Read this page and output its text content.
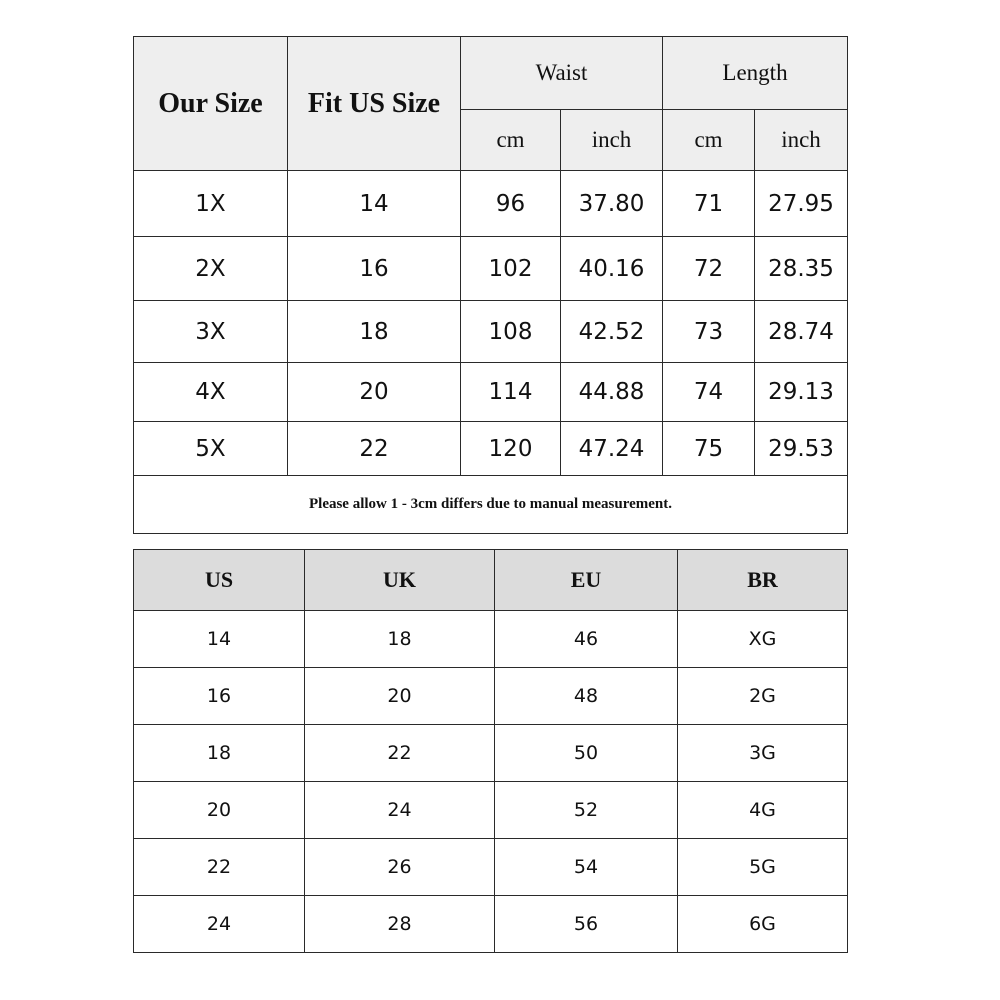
Our Size	Fit US Size	Waist		Length	
		cm	inch	cm	inch
1X	14	96	37.80	71	27.95
2X	16	102	40.16	72	28.35
3X	18	108	42.52	73	28.74
4X	20	114	44.88	74	29.13
5X	22	120	47.24	75	29.53
Please allow 1 - 3cm differs due to manual measurement.					
US	UK	EU	BR
14	18	46	XG
16	20	48	2G
18	22	50	3G
20	24	52	4G
22	26	54	5G
24	28	56	6G
